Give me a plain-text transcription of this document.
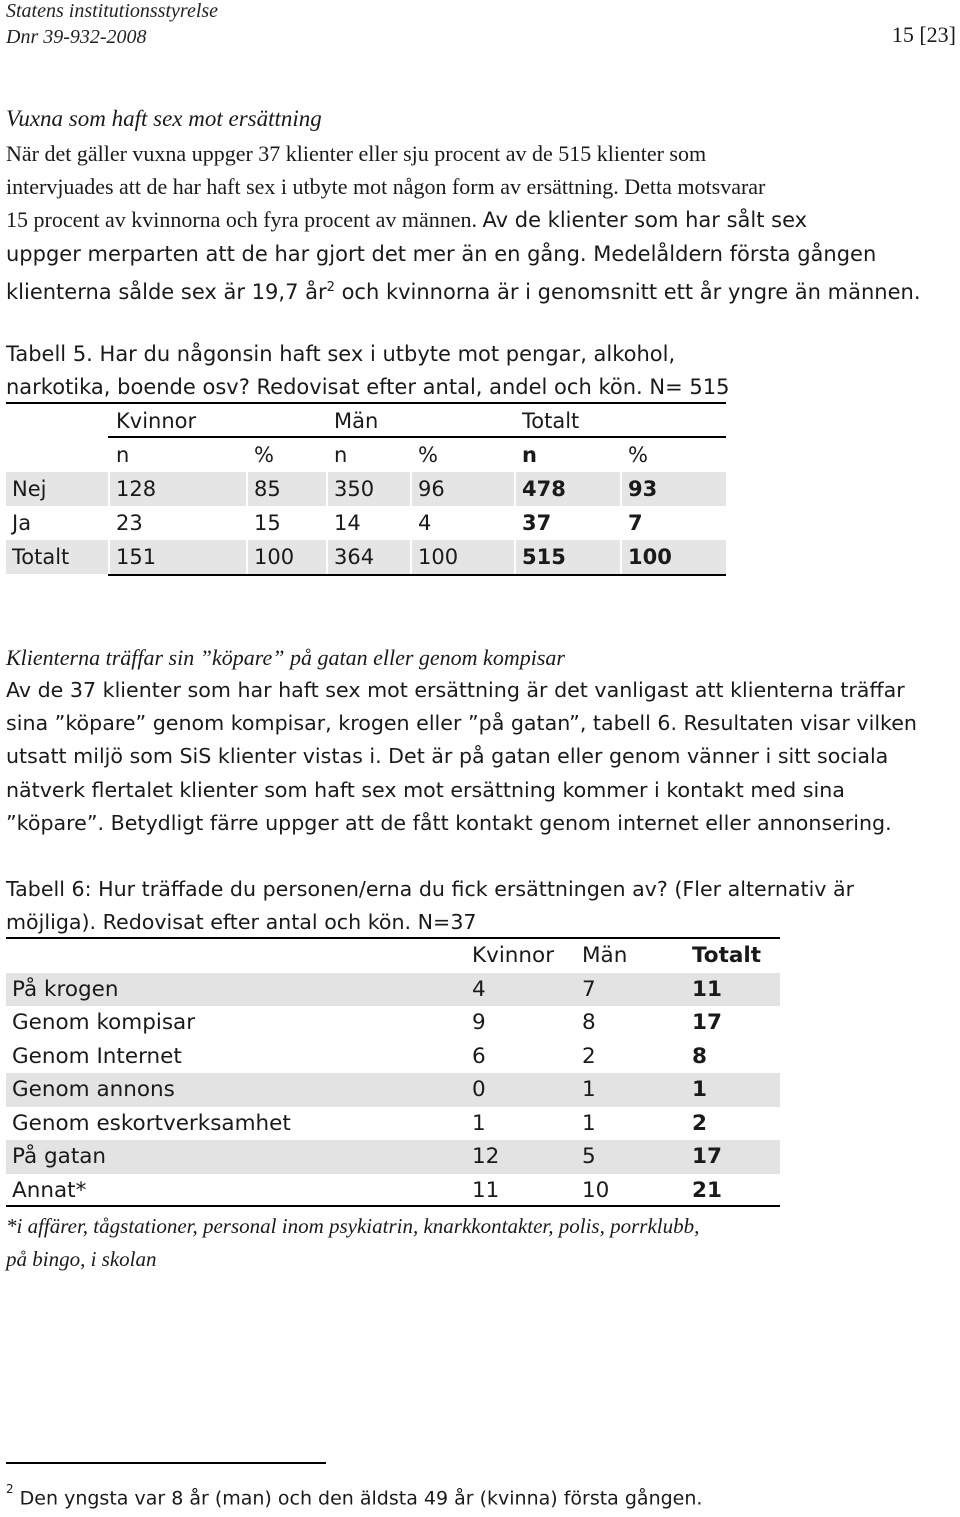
Statens institutionsstyrelse
Dnr 39-932-2008	15 [23]
Vuxna som haft sex mot ersättning
När det gäller vuxna uppger 37 klienter eller sju procent av de 515 klienter som
intervjuades att de har haft sex i utbyte mot någon form av ersättning. Detta motsvarar
15 procent av kvinnorna och fyra procent av männen. Av de klienter som har sålt sex
uppger merparten att de har gjort det mer än en gång. Medelåldern första gången
klienterna sålde sex är 19,7 $år^2$ och kvinnorna är i genomsnitt ett år yngre än männen.
Tabell 5. Har du någonsin haft sex i utbyte mot pengar, alkohol,
narkotika, boende osv? Redovisat efter antal, andel och kön. N= 515
Kvinnor	Män	Totalt
n	%	n	%	n	%
Nej	128	85	350 96	478	93
Ja	23	15	14	4	37	7
Totalt 151	100 364 100	515	100
Klienterna träffar sin ”köpare” på gatan eller genom kompisar
Av de 37 klienter som har haft sex mot ersättning är det vanligast att klienterna träffar
sina ”köpare” genom kompisar, krogen eller ”på gatan”, tabell 6. Resultaten visar vilken
utsatt miljö som SiS klienter vistas i. Det är på gatan eller genom vänner i sitt sociala
nätverk flertalet klienter som haft sex mot ersättning kommer i kontakt med sina
”köpare”. Betydligt färre uppger att de fått kontakt genom internet eller annonsering.
Tabell 6: Hur träffade du personen/erna du fick ersättningen av? (Fler alternativ är
möjliga). Redovisat efter antal och kön. N=37
Kvinnor Män	Totalt
På krogen	4	7	11
Genom kompisar	9	8	17
Genom Internet	6	2	8
Genom annons	0	1	1
Genom eskortverksamhet	1	1	2
På gatan	12	5	17
Annat*	11	10	21
*i affärer, tågstationer, personal inom psykiatrin, knarkkontakter, polis, porrklubb,
på bingo, i skolan
$^2$ Den yngsta var 8 år (man) och den äldsta 49 år (kvinna) första gången.
